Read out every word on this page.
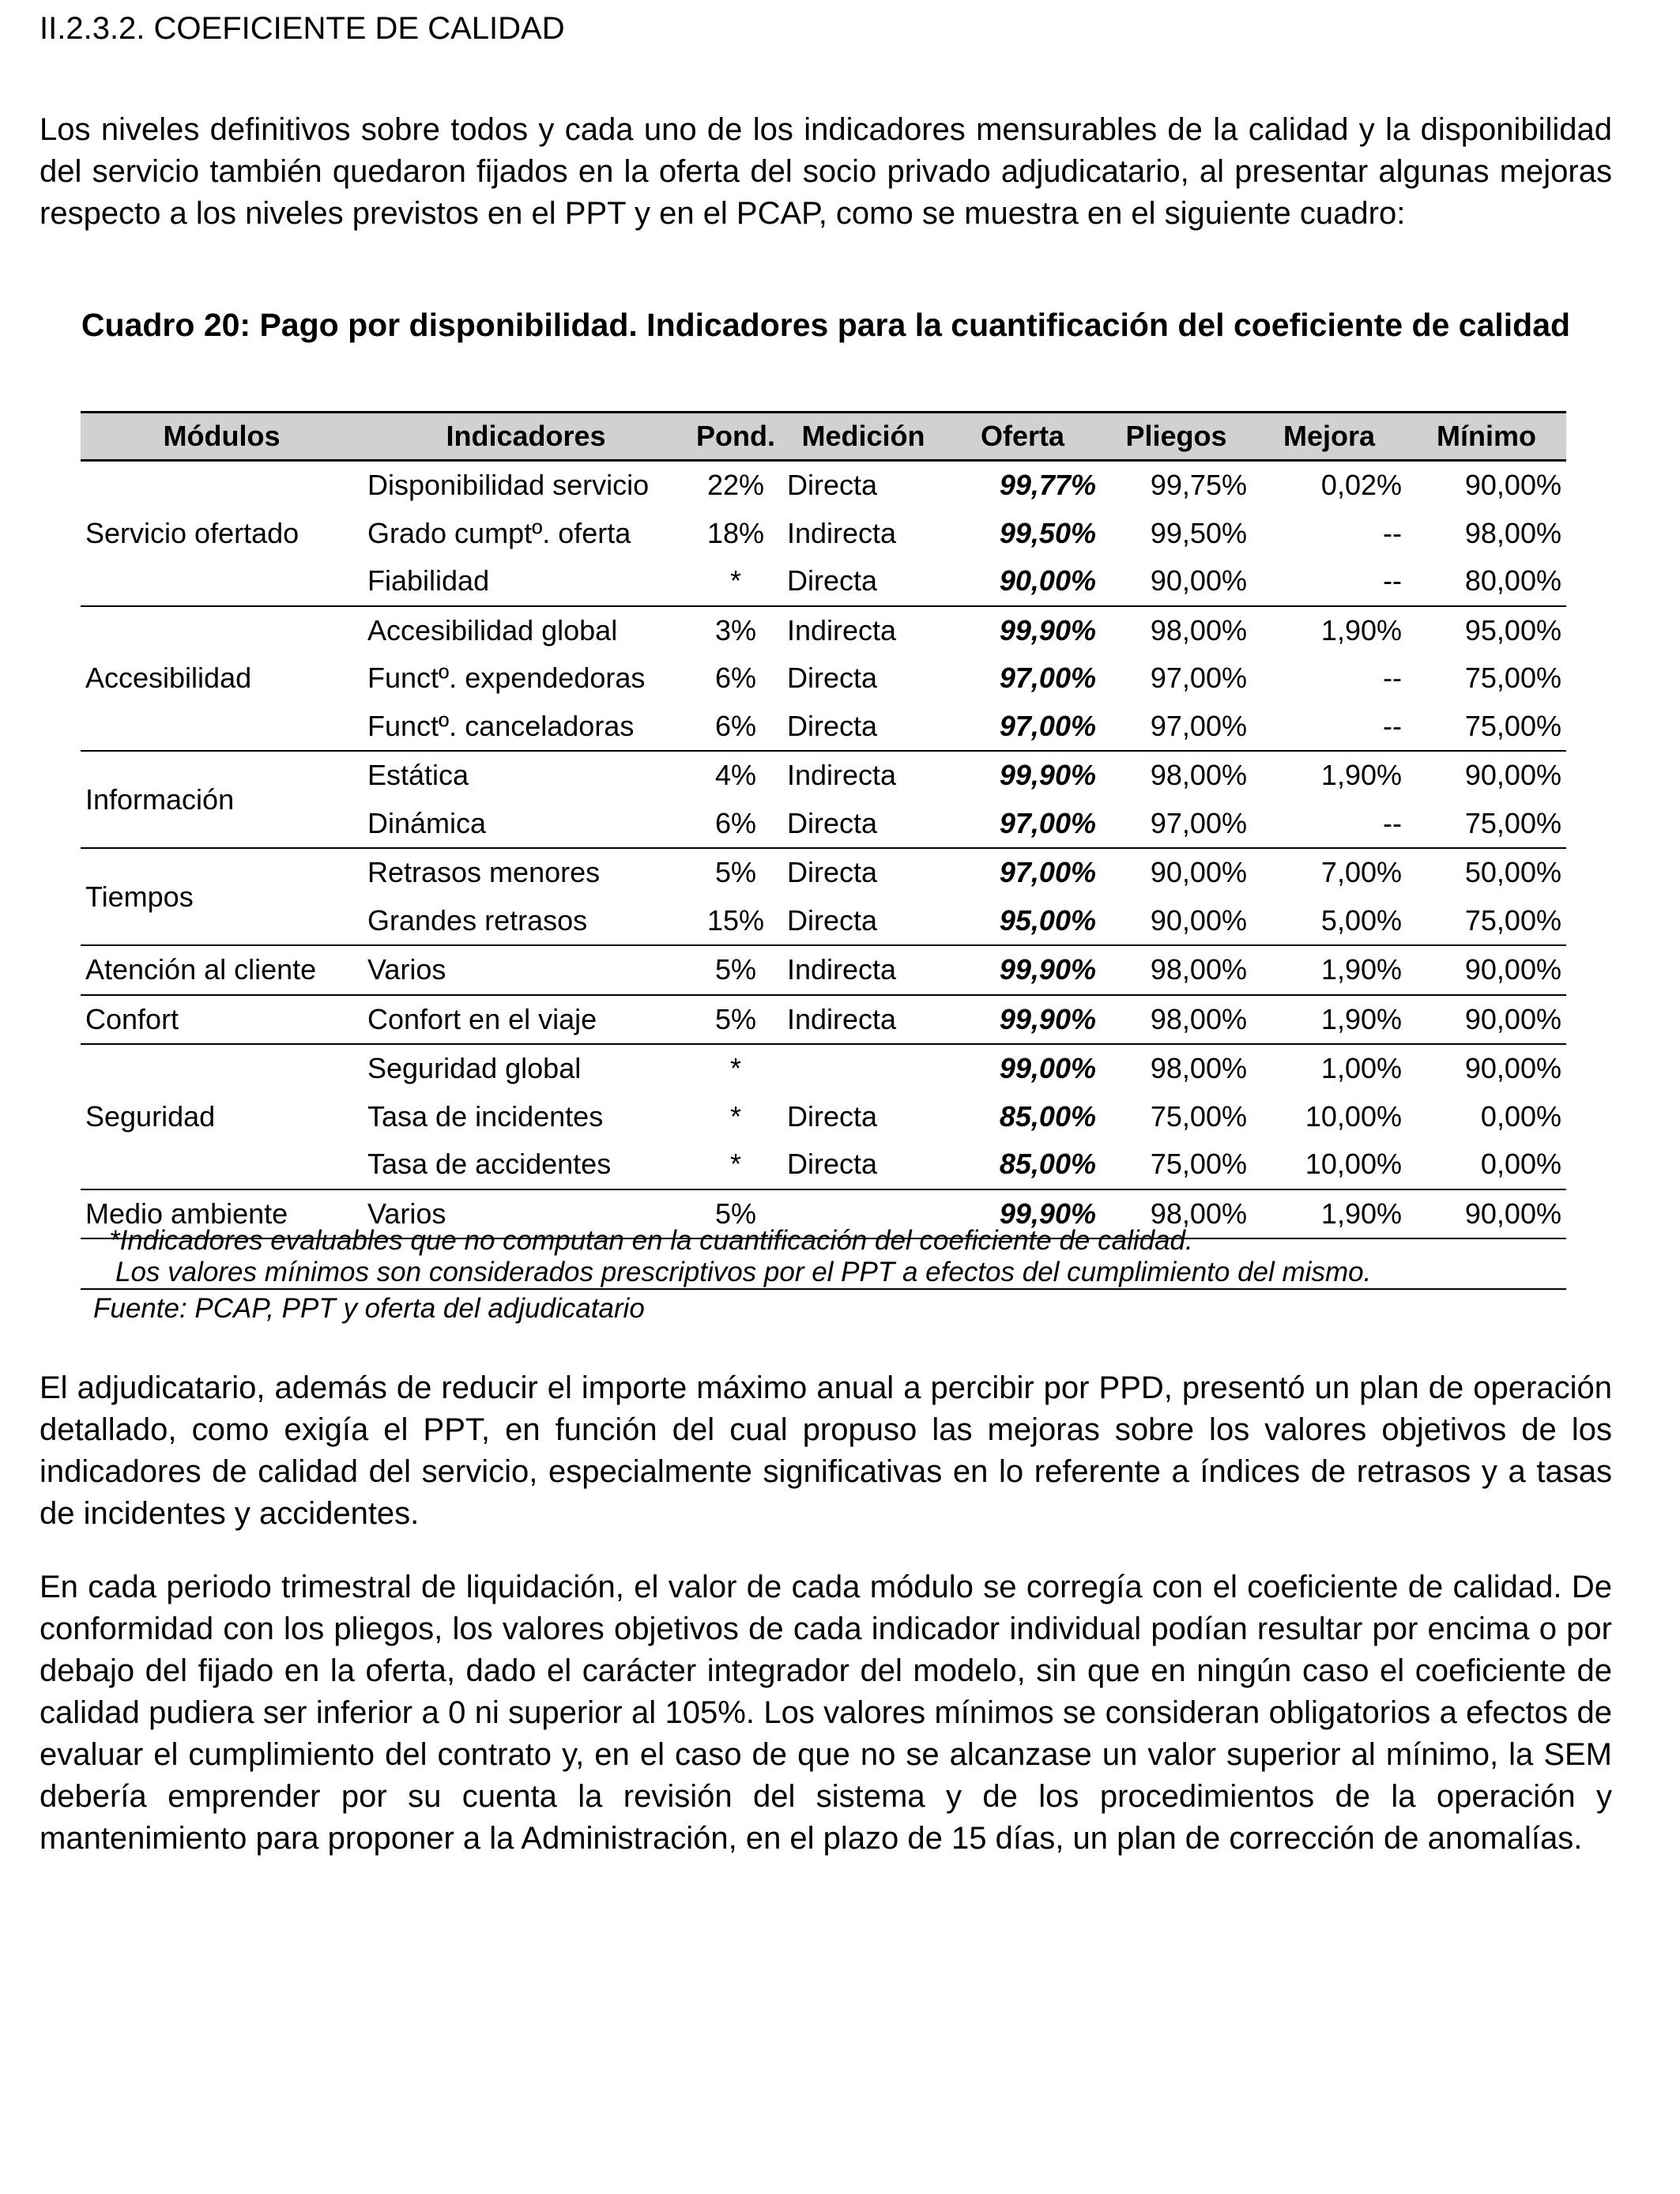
II.2.3.2. COEFICIENTE DE CALIDAD

Los niveles definitivos sobre todos y cada uno de los indicadores mensurables de la calidad y la disponibilidad del servicio también quedaron fijados en la oferta del socio privado adjudicatario, al presentar algunas mejoras respecto a los niveles previstos en el PPT y en el PCAP, como se muestra en el siguiente cuadro:

Cuadro 20: Pago por disponibilidad. Indicadores para la cuantificación del coeficiente de calidad

Módulos	Indicadores	Pond.	Medición	Oferta	Pliegos	Mejora	Mínimo
Servicio ofertado	Disponibilidad servicio	22%	Directa	99,77%	99,75%	0,02%	90,00%
	Grado cumptº. oferta	18%	Indirecta	99,50%	99,50%	--	98,00%
	Fiabilidad	*	Directa	90,00%	90,00%	--	80,00%
Accesibilidad	Accesibilidad global	3%	Indirecta	99,90%	98,00%	1,90%	95,00%
	Functº. expendedoras	6%	Directa	97,00%	97,00%	--	75,00%
	Functº. canceladoras	6%	Directa	97,00%	97,00%	--	75,00%
Información	Estática	4%	Indirecta	99,90%	98,00%	1,90%	90,00%
	Dinámica	6%	Directa	97,00%	97,00%	--	75,00%
Tiempos	Retrasos menores	5%	Directa	97,00%	90,00%	7,00%	50,00%
	Grandes retrasos	15%	Directa	95,00%	90,00%	5,00%	75,00%
Atención al cliente	Varios	5%	Indirecta	99,90%	98,00%	1,90%	90,00%
Confort	Confort en el viaje	5%	Indirecta	99,90%	98,00%	1,90%	90,00%
Seguridad	Seguridad global	*		99,00%	98,00%	1,00%	90,00%
	Tasa de incidentes	*	Directa	85,00%	75,00%	10,00%	0,00%
	Tasa de accidentes	*	Directa	85,00%	75,00%	10,00%	0,00%
Medio ambiente	Varios	5%		99,90%	98,00%	1,90%	90,00%
*Indicadores evaluables que no computan en la cuantificación del coeficiente de calidad.
Los valores mínimos son considerados prescriptivos por el PPT a efectos del cumplimiento del mismo.
Fuente: PCAP, PPT y oferta del adjudicatario

El adjudicatario, además de reducir el importe máximo anual a percibir por PPD, presentó un plan de operación detallado, como exigía el PPT, en función del cual propuso las mejoras sobre los valores objetivos de los indicadores de calidad del servicio, especialmente significativas en lo referente a índices de retrasos y a tasas de incidentes y accidentes.

En cada periodo trimestral de liquidación, el valor de cada módulo se corregía con el coeficiente de calidad. De conformidad con los pliegos, los valores objetivos de cada indicador individual podían resultar por encima o por debajo del fijado en la oferta, dado el carácter integrador del modelo, sin que en ningún caso el coeficiente de calidad pudiera ser inferior a 0 ni superior al 105%. Los valores mínimos se consideran obligatorios a efectos de evaluar el cumplimiento del contrato y, en el caso de que no se alcanzase un valor superior al mínimo, la SEM debería emprender por su cuenta la revisión del sistema y de los procedimientos de la operación y mantenimiento para proponer a la Administración, en el plazo de 15 días, un plan de corrección de anomalías.
